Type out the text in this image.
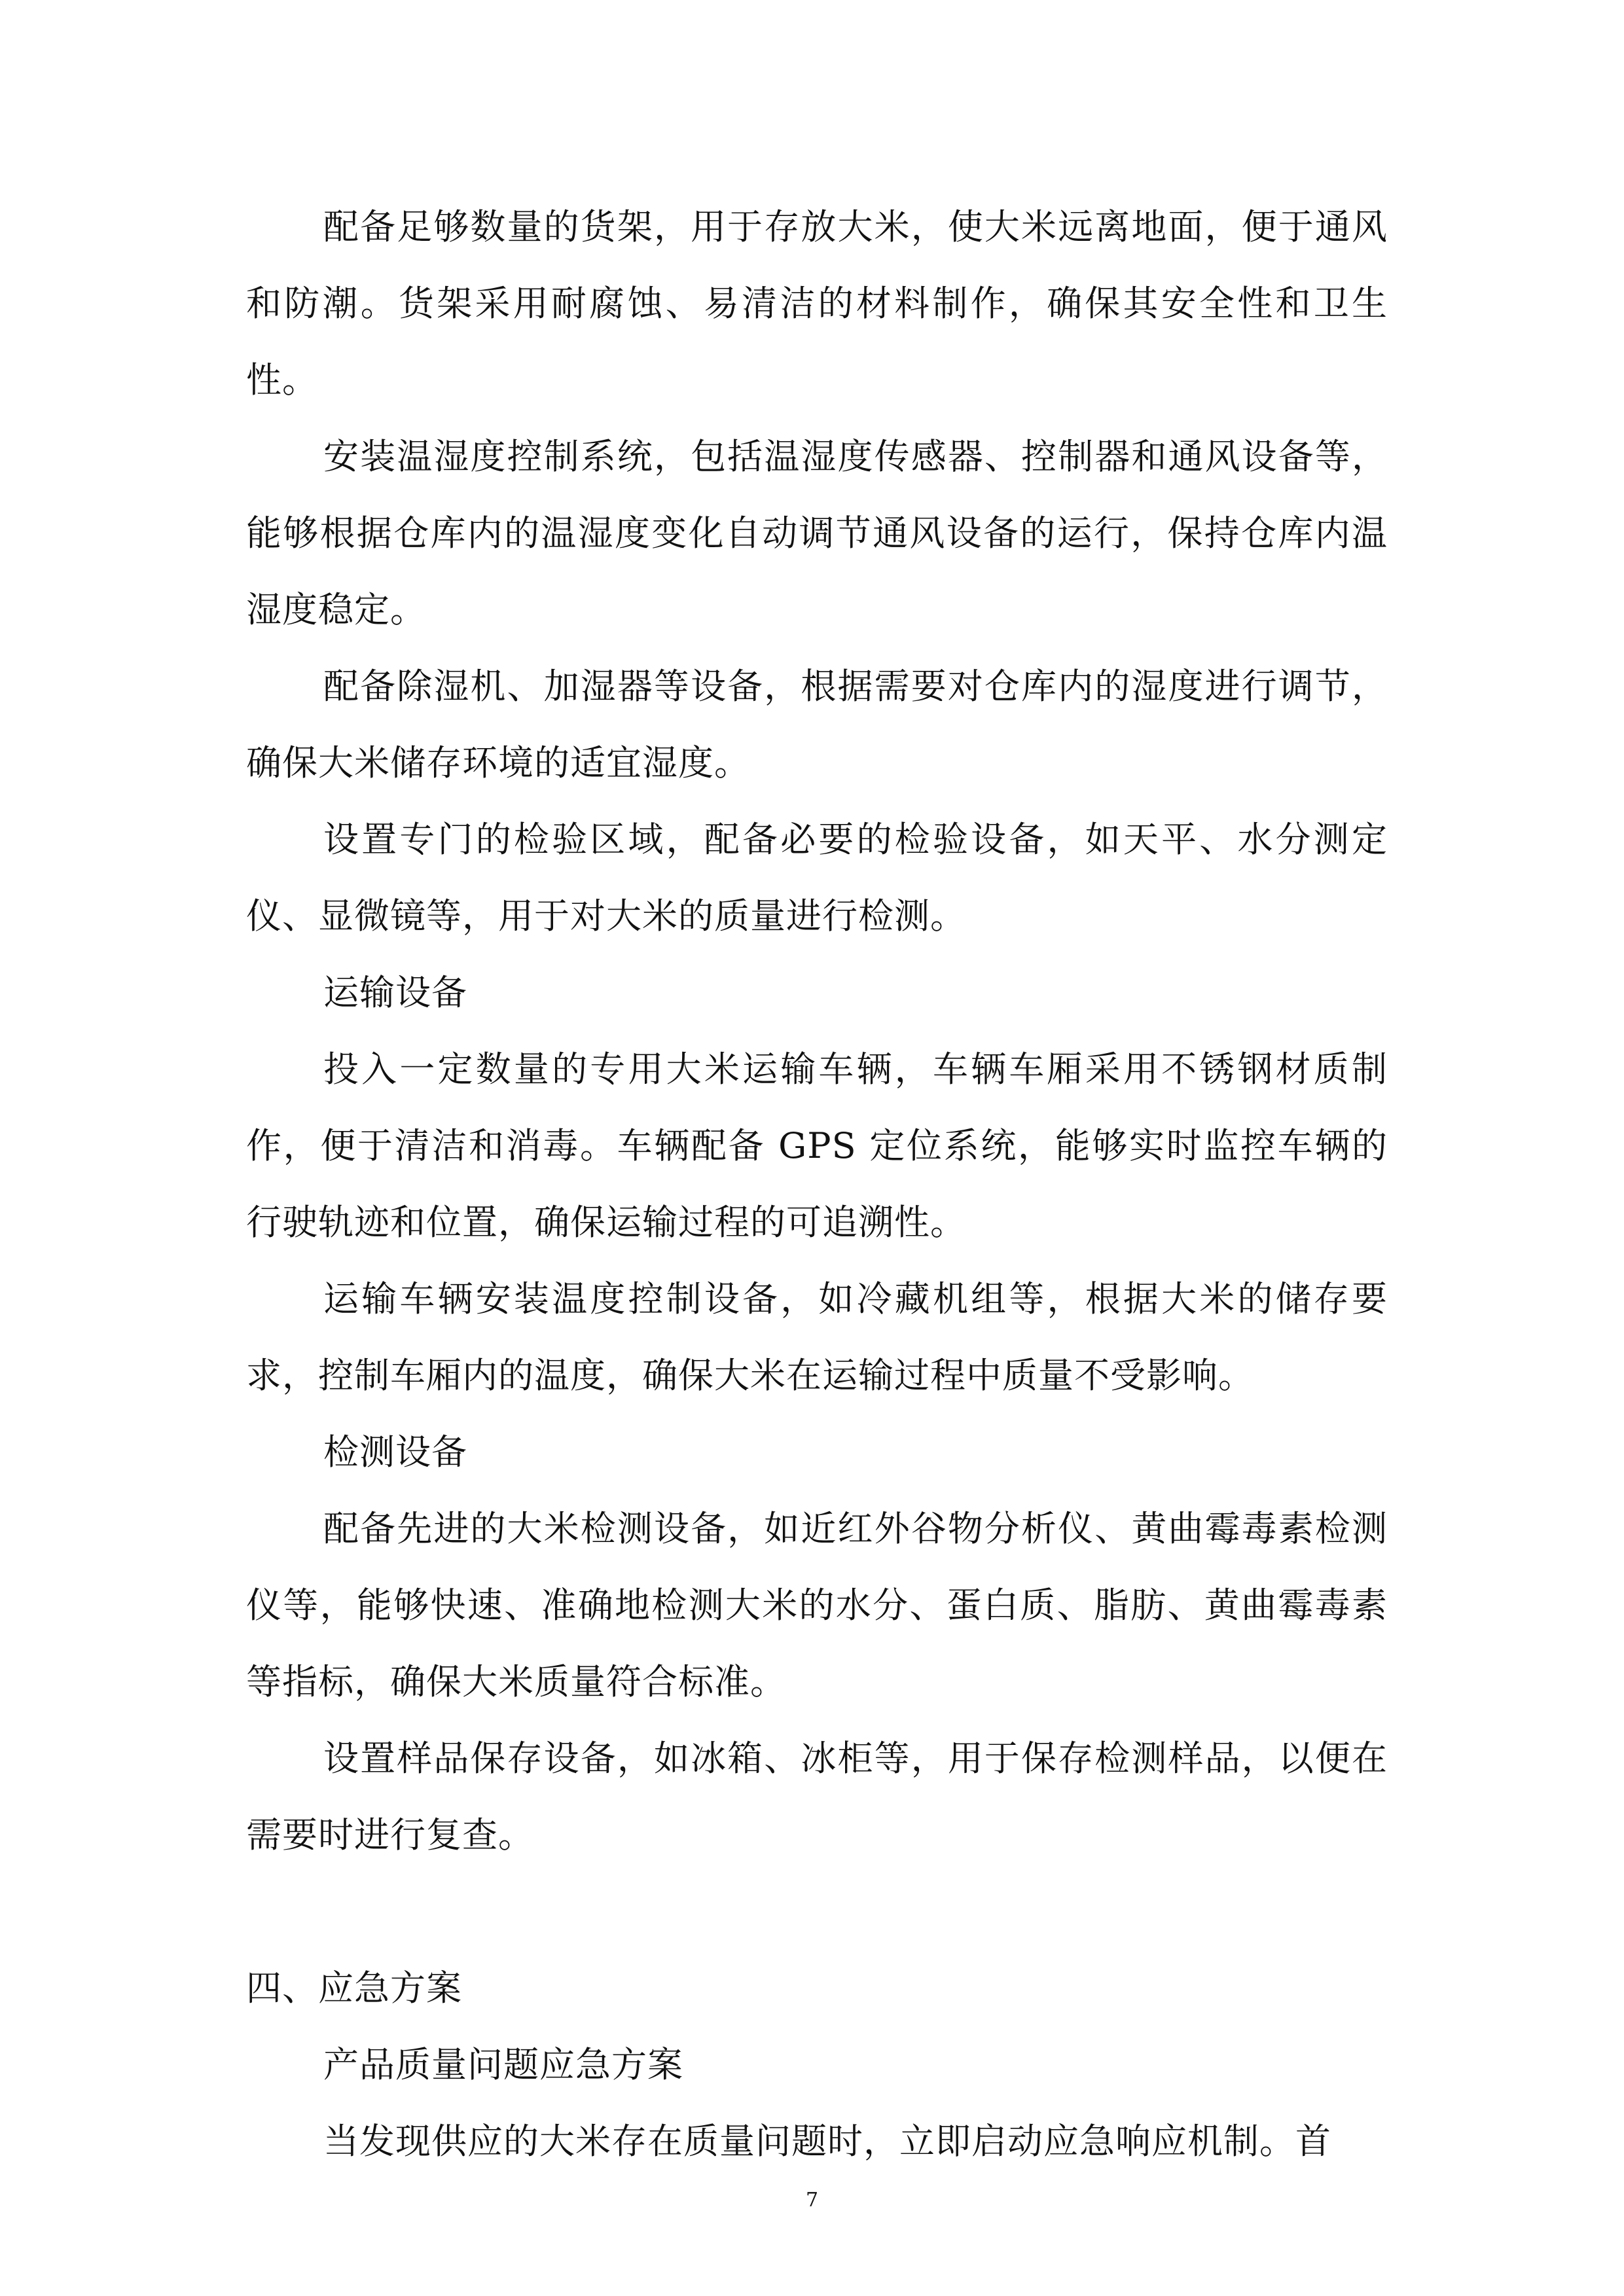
配备足够数量的货架，用于存放大米，使大米远离地面，便于通风和防潮。货架采用耐腐蚀、易清洁的材料制作，确保其安全性和卫生性。

安装温湿度控制系统，包括温湿度传感器、控制器和通风设备等，能够根据仓库内的温湿度变化自动调节通风设备的运行，保持仓库内温湿度稳定。

配备除湿机、加湿器等设备，根据需要对仓库内的湿度进行调节，确保大米储存环境的适宜湿度。

设置专门的检验区域，配备必要的检验设备，如天平、水分测定仪、显微镜等，用于对大米的质量进行检测。

运输设备

投入一定数量的专用大米运输车辆，车辆车厢采用不锈钢材质制作，便于清洁和消毒。车辆配备 GPS 定位系统，能够实时监控车辆的行驶轨迹和位置，确保运输过程的可追溯性。

运输车辆安装温度控制设备，如冷藏机组等，根据大米的储存要求，控制车厢内的温度，确保大米在运输过程中质量不受影响。

检测设备

配备先进的大米检测设备，如近红外谷物分析仪、黄曲霉毒素检测仪等，能够快速、准确地检测大米的水分、蛋白质、脂肪、黄曲霉毒素等指标，确保大米质量符合标准。

设置样品保存设备，如冰箱、冰柜等，用于保存检测样品，以便在需要时进行复查。

四、应急方案

产品质量问题应急方案

当发现供应的大米存在质量问题时，立即启动应急响应机制。首

7
